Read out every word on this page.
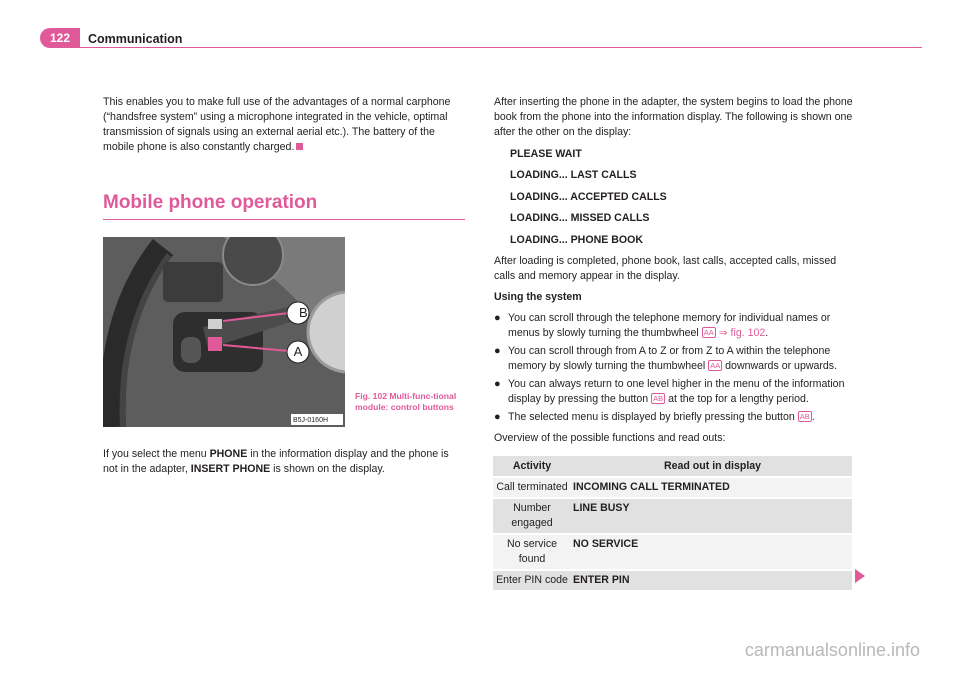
122	Communication

This enables you to make full use of the advantages of a normal carphone (“handsfree system” using a microphone integrated in the vehicle, optimal transmission of signals using an external aerial etc.). The battery of the mobile phone is also constantly charged.

Mobile phone operation
B
A
B5J-0160H
Fig. 102 Multi-func-tional module: control buttons

If you select the menu PHONE in the information display and the phone is not in the adapter, INSERT PHONE is shown on the display.

After inserting the phone in the adapter, the system begins to load the phone book from the phone into the information display. The following is shown one after the other on the display:

PLEASE WAIT
LOADING... LAST CALLS
LOADING... ACCEPTED CALLS
LOADING... MISSED CALLS
LOADING... PHONE BOOK

After loading is completed, phone book, last calls, accepted calls, missed calls and memory appear in the display.

Using the system

● You can scroll through the telephone memory for individual names or menus by slowly turning the thumbwheel AA ⇒ fig. 102.
● You can scroll through from A to Z or from Z to A within the telephone memory by slowly turning the thumbwheel AA downwards or upwards.
● You can always return to one level higher in the menu of the information display by pressing the button AB at the top for a lengthy period.
● The selected menu is displayed by briefly pressing the button AB .

Overview of the possible functions and read outs:

Activity	Read out in display
Call terminated INCOMING CALL TERMINATED
Number engaged
LINE BUSY
No service found
NO SERVICE
Enter PIN code ENTER PIN
carmanualsonline.info
